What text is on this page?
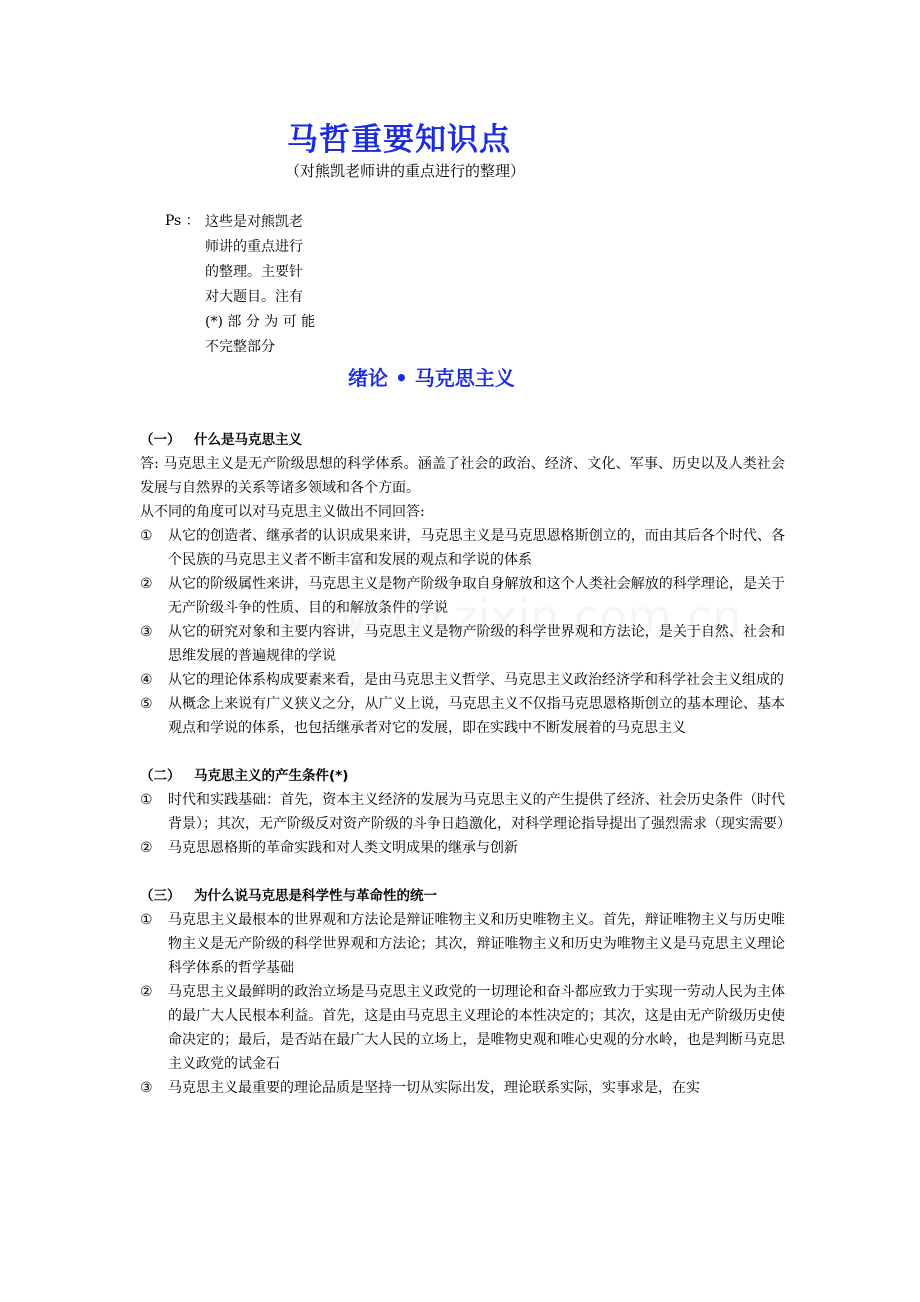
马哲重要知识点
（对熊凯老师讲的重点进行的整理）
Ps ： 这些是对熊凯老
师讲的重点进行
的整理。主要针
对大题目。注有
(*) 部 分 为 可 能
不完整部分
绪论 • 马克思主义
（一） 什么是马克思主义
答: 马克思主义是无产阶级思想的科学体系。涵盖了社会的政治、经济、文化、军事、历史以及人类社会发展与自然界的关系等诸多领域和各个方面。
从不同的角度可以对马克思主义做出不同回答:
①	从它的创造者、继承者的认识成果来讲，马克思主义是马克思恩格斯创立的，而由其后各个时代、各个民族的马克思主义者不断丰富和发展的观点和学说的体系
②	从它的阶级属性来讲，马克思主义是物产阶级争取自身解放和这个人类社会解放的科学理论，是关于无产阶级斗争的性质、目的和解放条件的学说
③	从它的研究对象和主要内容讲，马克思主义是物产阶级的科学世界观和方法论，是关于自然、社会和思维发展的普遍规律的学说
④	从它的理论体系构成要素来看，是由马克思主义哲学、马克思主义政治经济学和科学社会主义组成的
⑤	从概念上来说有广义狭义之分，从广义上说，马克思主义不仅指马克思恩格斯创立的基本理论、基本观点和学说的体系，也包括继承者对它的发展，即在实践中不断发展着的马克思主义
（二） 马克思主义的产生条件(*)
①	时代和实践基础：首先，资本主义经济的发展为马克思主义的产生提供了经济、社会历史条件（时代背景）；其次，无产阶级反对资产阶级的斗争日趋激化，对科学理论指导提出了强烈需求（现实需要）
②	马克思恩格斯的革命实践和对人类文明成果的继承与创新
（三） 为什么说马克思是科学性与革命性的统一
①	马克思主义最根本的世界观和方法论是辩证唯物主义和历史唯物主义。首先，辩证唯物主义与历史唯物主义是无产阶级的科学世界观和方法论；其次，辩证唯物主义和历史为唯物主义是马克思主义理论科学体系的哲学基础
②	马克思主义最鲜明的政治立场是马克思主义政党的一切理论和奋斗都应致力于实现一劳动人民为主体的最广大人民根本利益。首先，这是由马克思主义理论的本性决定的；其次，这是由无产阶级历史使命决定的；最后，是否站在最广大人民的立场上，是唯物史观和唯心史观的分水岭，也是判断马克思主义政党的试金石
③	马克思主义最重要的理论品质是坚持一切从实际出发，理论联系实际，实事求是，在实
